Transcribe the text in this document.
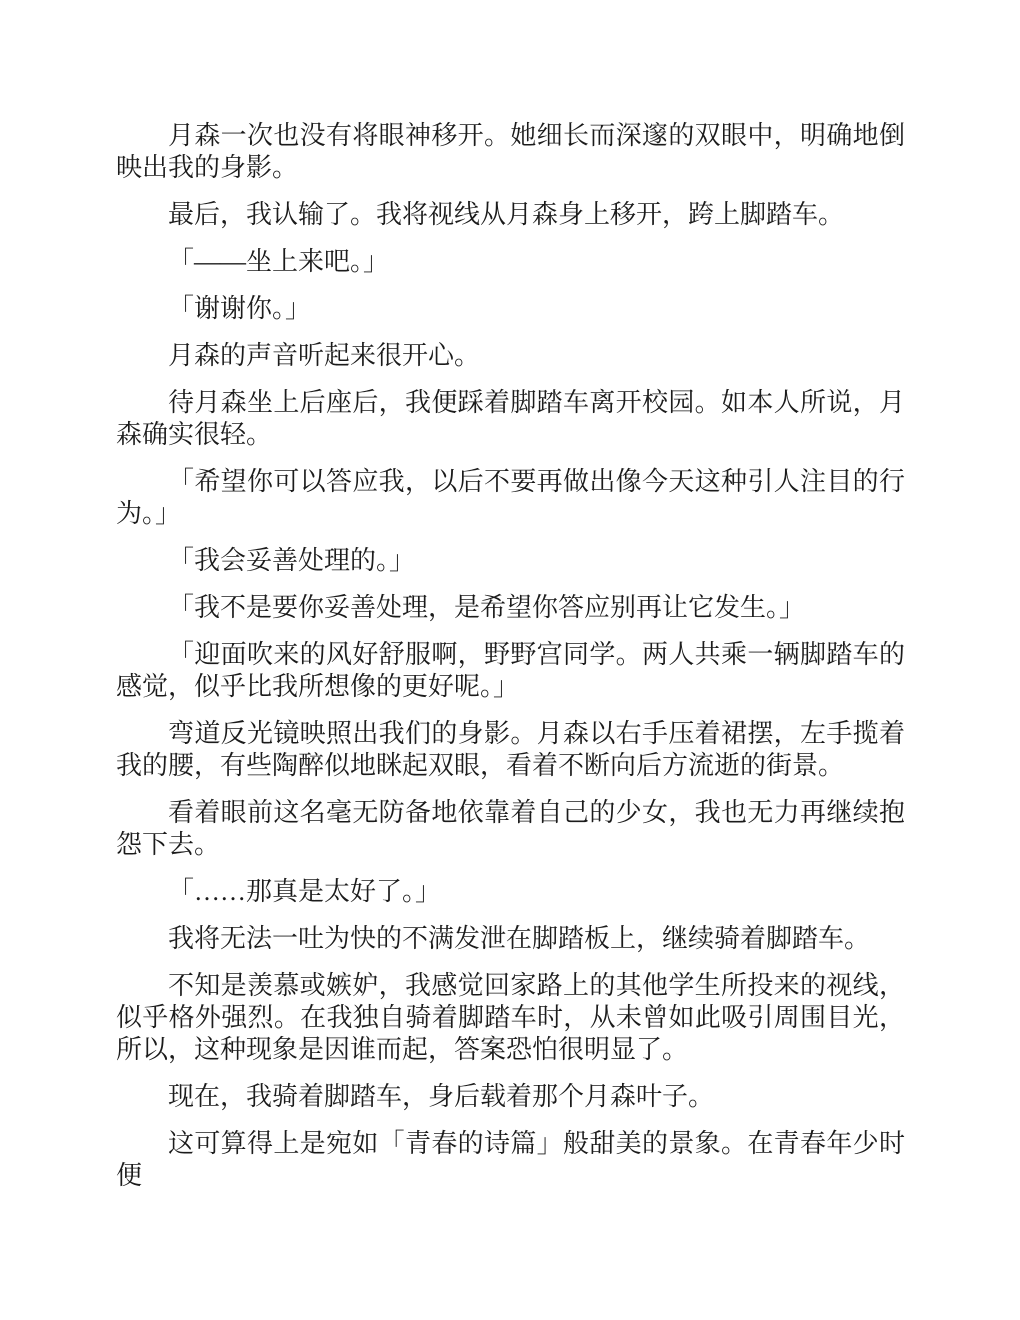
月森一次也没有将眼神移开。她细长而深邃的双眼中，明确地倒映出我的身影。

最后，我认输了。我将视线从月森身上移开，跨上脚踏车。

「——坐上来吧。」

「谢谢你。」

月森的声音听起来很开心。

待月森坐上后座后，我便踩着脚踏车离开校园。如本人所说，月森确实很轻。

「希望你可以答应我，以后不要再做出像今天这种引人注目的行为。」

「我会妥善处理的。」

「我不是要你妥善处理，是希望你答应别再让它发生。」

「迎面吹来的风好舒服啊，野野宫同学。两人共乘一辆脚踏车的感觉，似乎比我所想像的更好呢。」

弯道反光镜映照出我们的身影。月森以右手压着裙摆，左手揽着我的腰，有些陶醉似地眯起双眼，看着不断向后方流逝的街景。

看着眼前这名毫无防备地依靠着自己的少女，我也无力再继续抱怨下去。

「……那真是太好了。」

我将无法一吐为快的不满发泄在脚踏板上，继续骑着脚踏车。

不知是羡慕或嫉妒，我感觉回家路上的其他学生所投来的视线，似乎格外强烈。在我独自骑着脚踏车时，从未曾如此吸引周围目光，所以，这种现象是因谁而起，答案恐怕很明显了。

现在，我骑着脚踏车，身后载着那个月森叶子。

这可算得上是宛如「青春的诗篇」般甜美的景象。在青春年少时便
